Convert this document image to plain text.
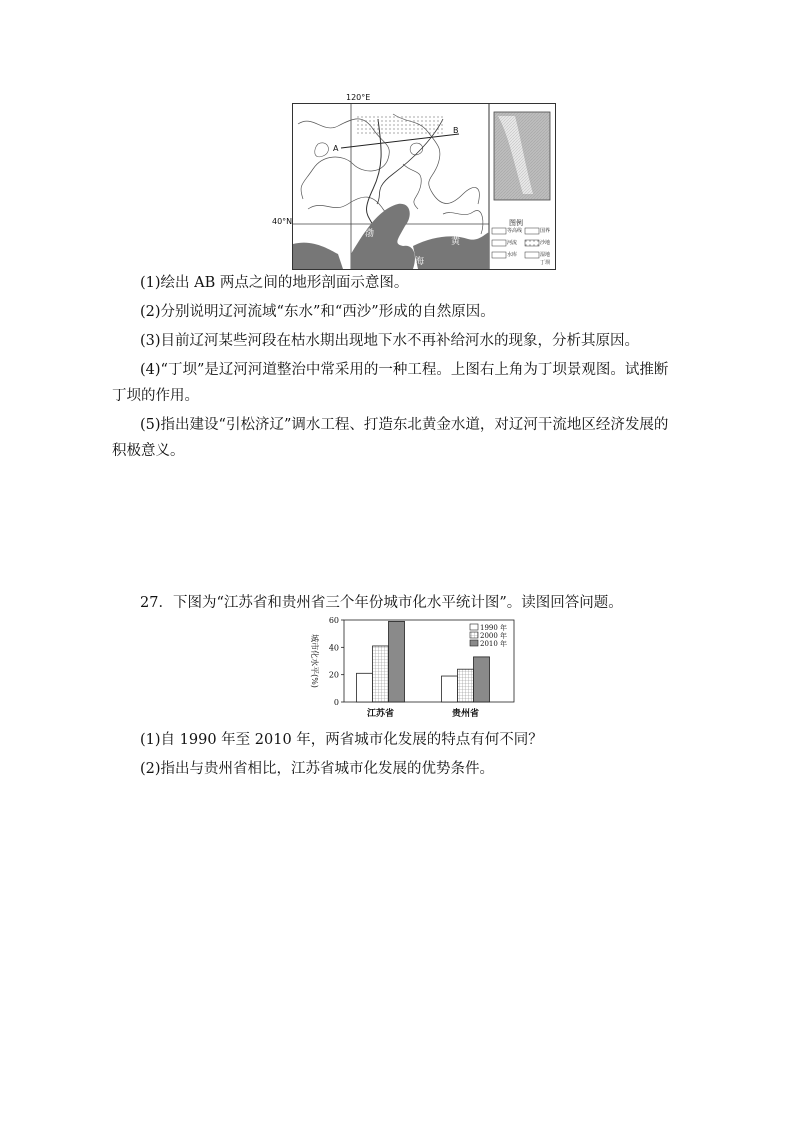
120°E
40°N
A
B
渤
海
黄
海
图例
等高线	国界
河流	沙地
水库	湿地
丁坝
(1)绘出 AB 两点之间的地形剖面示意图。
(2)分别说明辽河流域“东水”和“西沙”形成的自然原因。
(3)目前辽河某些河段在枯水期出现地下水不再补给河水的现象，分析其原因。
(4)“丁坝”是辽河河道整治中常采用的一种工程。上图右上角为丁坝景观图。试推断
丁坝的作用。
(5)指出建设“引松济辽”调水工程、打造东北黄金水道，对辽河干流地区经济发展的
积极意义。
27．下图为“江苏省和贵州省三个年份城市化水平统计图”。读图回答问题。
城市化水平(%)
0
20
40
60
江苏省	贵州省
1990 年
2000 年
2010 年
(1)自 1990 年至 2010 年，两省城市化发展的特点有何不同？
(2)指出与贵州省相比，江苏省城市化发展的优势条件。
